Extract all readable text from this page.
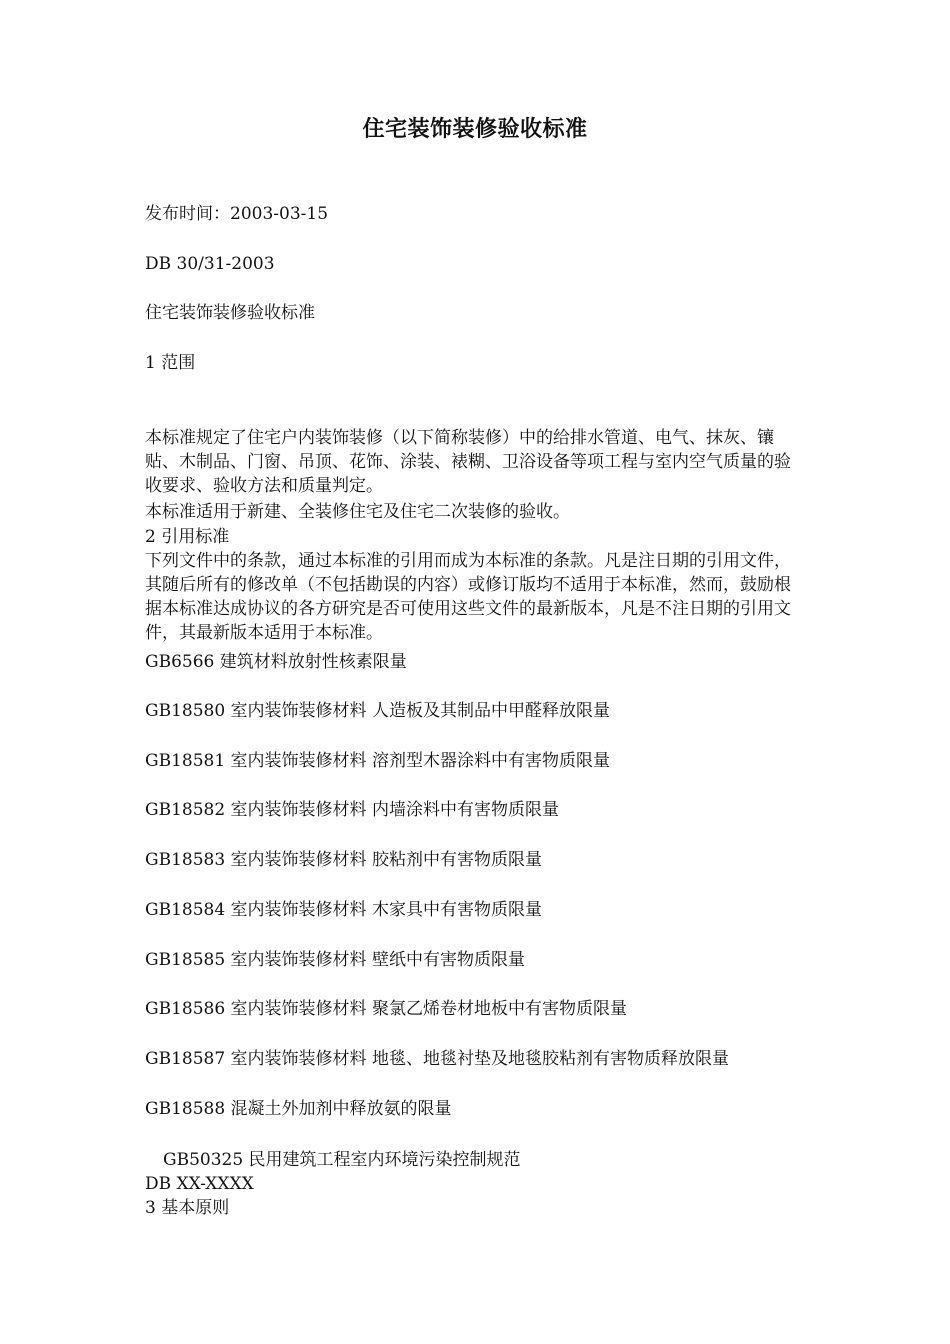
住宅装饰装修验收标准
发布时间：2003-03-15
DB 30/31-2003
住宅装饰装修验收标准
1 范围
本标准规定了住宅户内装饰装修（以下简称装修）中的给排水管道、电气、抹灰、镶贴、木制品、门窗、吊顶、花饰、涂装、裱糊、卫浴设备等项工程与室内空气质量的验收要求、验收方法和质量判定。
本标准适用于新建、全装修住宅及住宅二次装修的验收。
2 引用标准
下列文件中的条款，通过本标准的引用而成为本标准的条款。凡是注日期的引用文件，其随后所有的修改单（不包括勘误的内容）或修订版均不适用于本标准，然而，鼓励根据本标准达成协议的各方研究是否可使用这些文件的最新版本，凡是不注日期的引用文件，其最新版本适用于本标准。
GB6566 建筑材料放射性核素限量
GB18580 室内装饰装修材料 人造板及其制品中甲醛释放限量
GB18581 室内装饰装修材料 溶剂型木器涂料中有害物质限量
GB18582 室内装饰装修材料 内墙涂料中有害物质限量
GB18583 室内装饰装修材料 胶粘剂中有害物质限量
GB18584 室内装饰装修材料 木家具中有害物质限量
GB18585 室内装饰装修材料 壁纸中有害物质限量
GB18586 室内装饰装修材料 聚氯乙烯卷材地板中有害物质限量
GB18587 室内装饰装修材料 地毯、地毯衬垫及地毯胶粘剂有害物质释放限量
GB18588 混凝土外加剂中释放氨的限量
GB50325 民用建筑工程室内环境污染控制规范
DB XX-XXXX
3 基本原则
